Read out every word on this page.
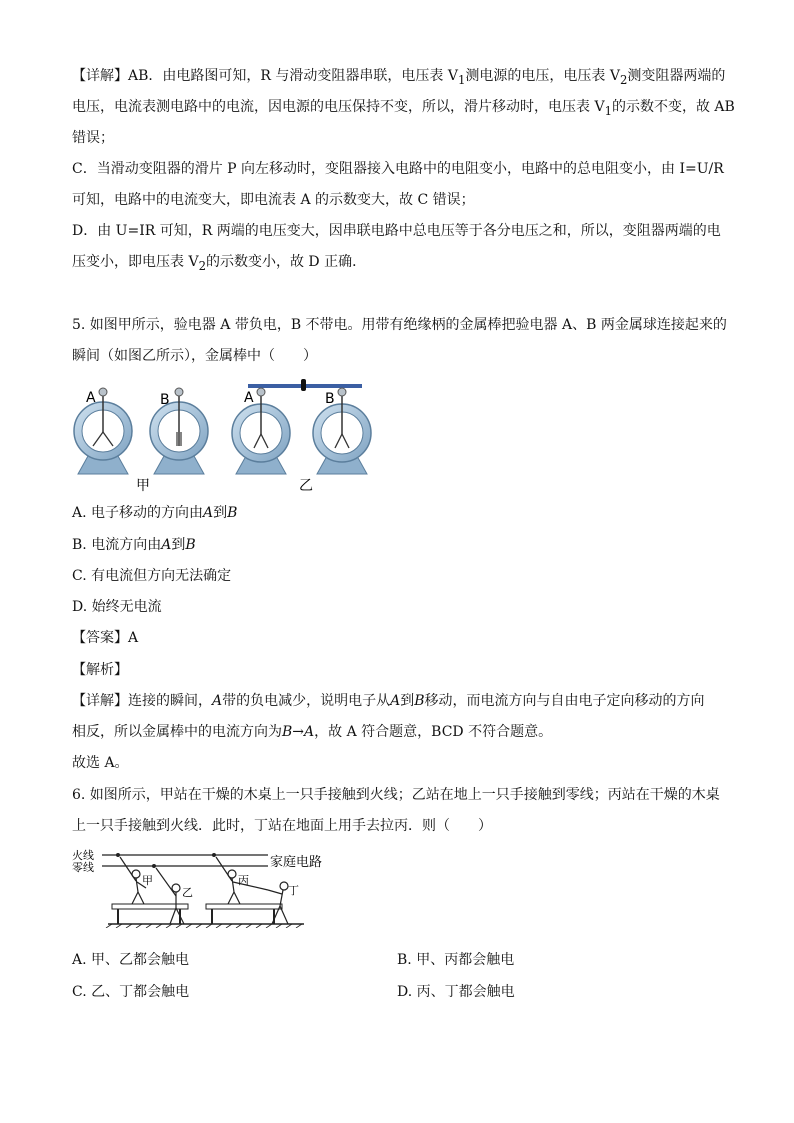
【详解】AB．由电路图可知，R 与滑动变阻器串联，电压表 $V_1$测电源的电压，电压表 $V_2$测变阻器两端的
电压，电流表测电路中的电流，因电源的电压保持不变，所以，滑片移动时，电压表 $V_1$的示数不变，故 AB
错误；
C．当滑动变阻器的滑片 P 向左移动时，变阻器接入电路中的电阻变小，电路中的总电阻变小，由 I=U/R
可知，电路中的电流变大，即电流表 A 的示数变大，故 C 错误；
D．由 U=IR 可知，R 两端的电压变大，因串联电路中总电压等于各分电压之和，所以，变阻器两端的电
压变小，即电压表 $V_2$的示数变小，故 D 正确．
5. 如图甲所示，验电器 A 带负电，B 不带电。用带有绝缘柄的金属棒把验电器 A、B 两金属球连接起来的
瞬间（如图乙所示），金属棒中（　　）
A	B	A	B
甲	乙
A. 电子移动的方向由A到B
B. 电流方向由A到B
C. 有电流但方向无法确定
D. 始终无电流
【答案】A
【解析】
【详解】连接的瞬间，A带的负电减少，说明电子从A到B移动，而电流方向与自由电子定向移动的方向
相反，所以金属棒中的电流方向为B→A，故 A 符合题意，BCD 不符合题意。
故选 A。
6. 如图所示，甲站在干燥的木桌上一只手接触到火线；乙站在地上一只手接触到零线；丙站在干燥的木桌
上一只手接触到火线．此时，丁站在地面上用手去拉丙．则（　　）
火线
零线	家庭电路
甲
乙
丙
丁
A. 甲、乙都会触电	B. 甲、丙都会触电
C. 乙、丁都会触电	D. 丙、丁都会触电
